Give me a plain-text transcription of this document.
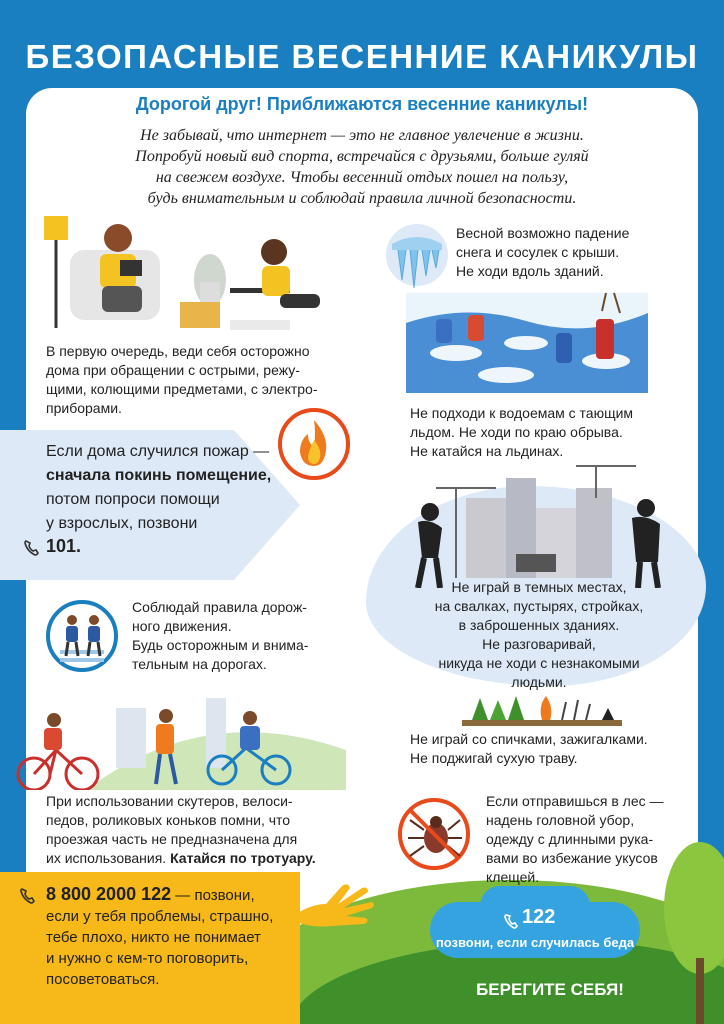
БЕЗОПАСНЫЕ ВЕСЕННИЕ КАНИКУЛЫ
Дорогой друг! Приближаются весенние каникулы!
Не забывай, что интернет — это не главное увлечение в жизни.
Попробуй новый вид спорта, встречайся с друзьями, больше гуляй
на свежем воздухе. Чтобы весенний отдых пошел на пользу,
будь внимательным и соблюдай правила личной безопасности.
В первую очередь, веди себя осторожно
дома при обращении с острыми, режу-
щими, колющими предметами, с электро-
приборами.
Весной возможно падение
снега и сосулек с крыши.
Не ходи вдоль зданий.
Не подходи к водоемам с тающим
льдом. Не ходи по краю обрыва.
Не катайся на льдинах.
Если дома случился пожар —
сначала покинь помещение,
потом попроси помощи
у взрослых, позвони
101.
Не играй в темных местах,
на свалках, пустырях, стройках,
в заброшенных зданиях.
Не разговаривай,
никуда не ходи с незнакомыми
людьми.
Соблюдай правила дорож-
ного движения.
Будь осторожным и внима-
тельным на дорогах.
Не играй со спичками, зажигалками.
Не поджигай сухую траву.
При использовании скутеров, велоси-
педов, роликовых коньков помни, что
проезжая часть не предназначена для
их использования. Катайся по тротуару.
Если отправишься в лес —
надень головной убор,
одежду с длинными рука-
вами во избежание укусов
клещей.
122
позвони, если случилась беда
8 800 2000 122 — позвони,
если у тебя проблемы, страшно,
тебе плохо, никто не понимает
и нужно с кем-то поговорить,
посоветоваться.
БЕРЕГИТЕ СЕБЯ!
